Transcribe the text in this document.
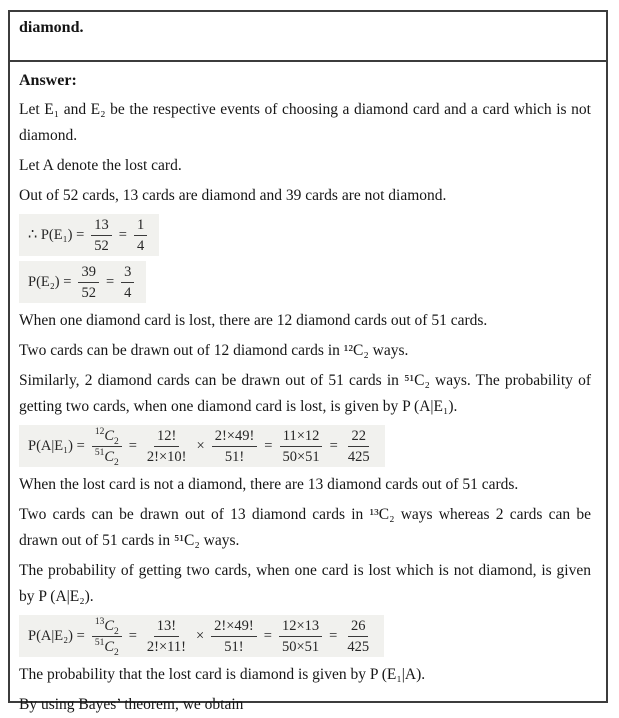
diamond.

Answer:

Let E₁ and E₂ be the respective events of choosing a diamond card and a card which is not diamond.

Let A denote the lost card.

Out of 52 cards, 13 cards are diamond and 39 cards are not diamond.

∴ $P(E_1) = \frac{13}{52} = \frac{1}{4}$
$P(E_2) = \frac{39}{52} = \frac{3}{4}$

When one diamond card is lost, there are 12 diamond cards out of 51 cards.

Two cards can be drawn out of 12 diamond cards in ¹²C₂ ways.

Similarly, 2 diamond cards can be drawn out of 51 cards in ⁵¹C₂ ways. The probability of getting two cards, when one diamond card is lost, is given by P (A|E₁).

$P(A|E_1) = \frac{^{12}C_2}{^{51}C_2} = \frac{12!}{2!\times 10!} \times \frac{2!\times 49!}{51!} = \frac{11\times 12}{50\times 51} = \frac{22}{425}$

When the lost card is not a diamond, there are 13 diamond cards out of 51 cards.

Two cards can be drawn out of 13 diamond cards in ¹³C₂ ways whereas 2 cards can be drawn out of 51 cards in ⁵¹C₂ ways.

The probability of getting two cards, when one card is lost which is not diamond, is given by P (A|E₂).

$P(A|E_2) = \frac{^{13}C_2}{^{51}C_2} = \frac{13!}{2!\times 11!} \times \frac{2!\times 49!}{51!} = \frac{12\times 13}{50\times 51} = \frac{26}{425}$

The probability that the lost card is diamond is given by P (E₁|A).

By using Bayes’ theorem, we obtain
